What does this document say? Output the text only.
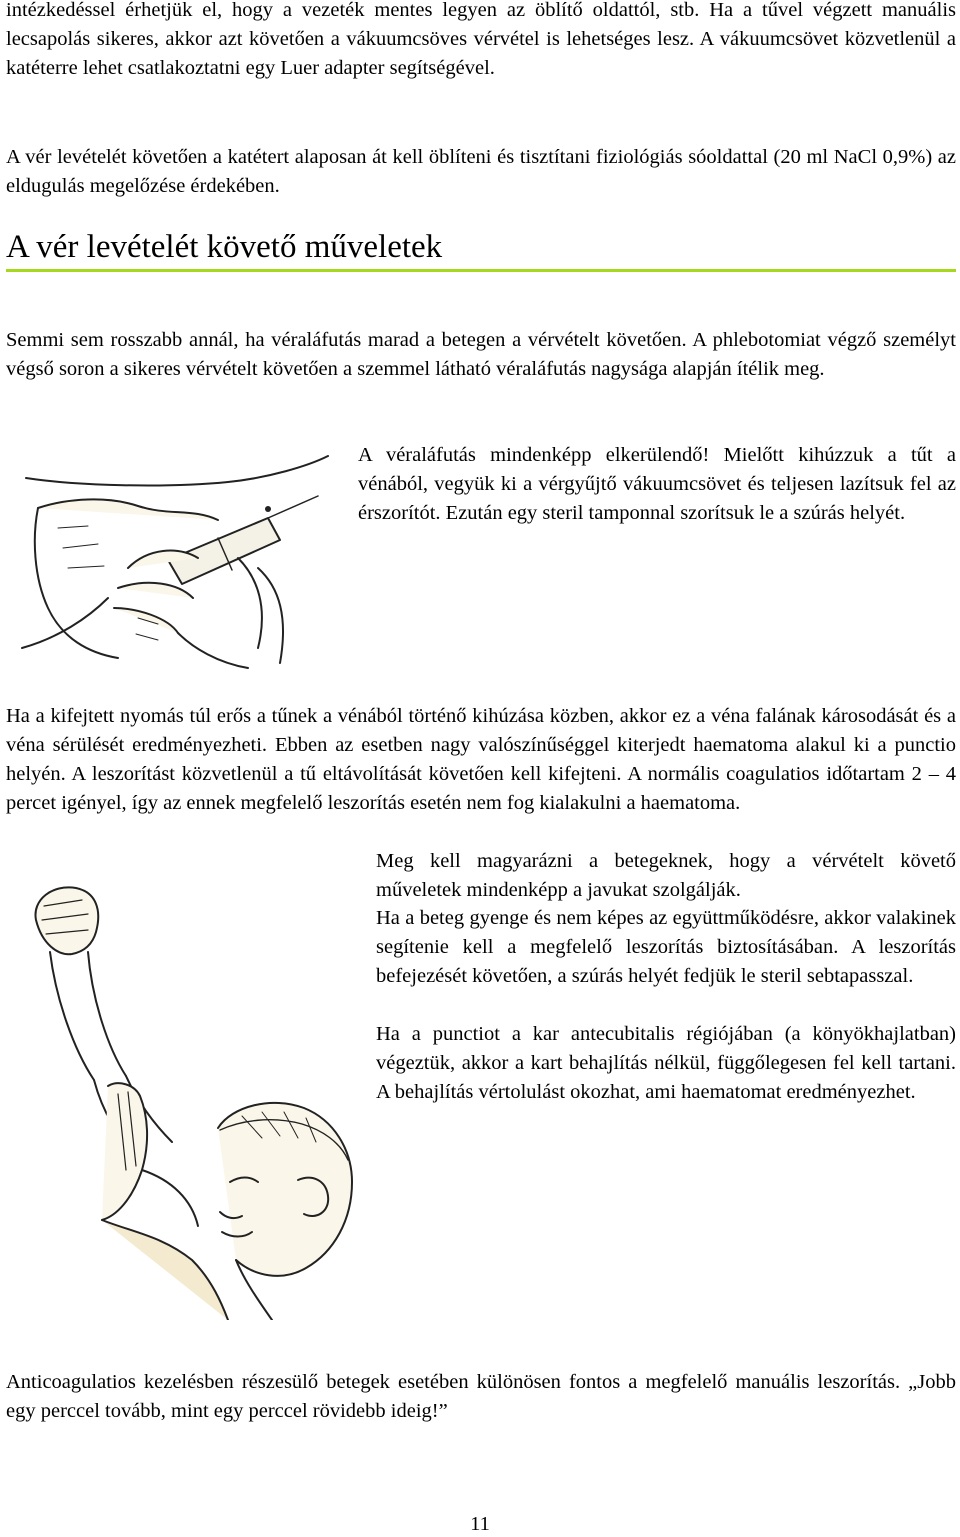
intézkedéssel érhetjük el, hogy a vezeték mentes legyen az öblítő oldattól, stb. Ha a tűvel végzett manuális lecsapolás sikeres, akkor azt követően a vákuumcsöves vérvétel is lehetséges lesz. A vákuumcsövet közvetlenül a katéterre lehet csatlakoztatni egy Luer adapter segítségével.

A vér levételét követően a katétert alaposan át kell öblíteni és tisztítani fiziológiás sóoldattal (20 ml NaCl 0,9%) az eldugulás megelőzése érdekében.

A vér levételét követő műveletek

Semmi sem rosszabb annál, ha véraláfutás marad a betegen a vérvételt követően. A phlebotomiat végző személyt végső soron a sikeres vérvételt követően a szemmel látható véraláfutás nagysága alapján ítélik meg.

A véraláfutás mindenképp elkerülendő! Mielőtt kihúzzuk a tűt a vénából, vegyük ki a vérgyűjtő vákuumcsövet és teljesen lazítsuk fel az érszorítót. Ezután egy steril tamponnal szorítsuk le a szúrás helyét.

Ha a kifejtett nyomás túl erős a tűnek a vénából történő kihúzása közben, akkor ez a véna falának károsodását és a véna sérülését eredményezheti. Ebben az esetben nagy valószínűséggel kiterjedt haematoma alakul ki a punctio helyén. A leszorítást közvetlenül a tű eltávolítását követően kell kifejteni. A normális coagulatios időtartam 2 – 4 percet igényel, így az ennek megfelelő leszorítás esetén nem fog kialakulni a haematoma.

Meg kell magyarázni a betegeknek, hogy a vérvételt követő műveletek mindenképp a javukat szolgálják.

Ha a beteg gyenge és nem képes az együttműködésre, akkor valakinek segítenie kell a megfelelő leszorítás biztosításában. A leszorítás befejezését követően, a szúrás helyét fedjük le steril sebtapasszal.

Ha a punctiot a kar antecubitalis régiójában (a könyökhajlatban) végeztük, akkor a kart behajlítás nélkül, függőlegesen fel kell tartani. A behajlítás vértolulást okozhat, ami haematomat eredményezhet.

Anticoagulatios kezelésben részesülő betegek esetében különösen fontos a megfelelő manuális leszorítás. „Jobb egy perccel tovább, mint egy perccel rövidebb ideig!”

11
